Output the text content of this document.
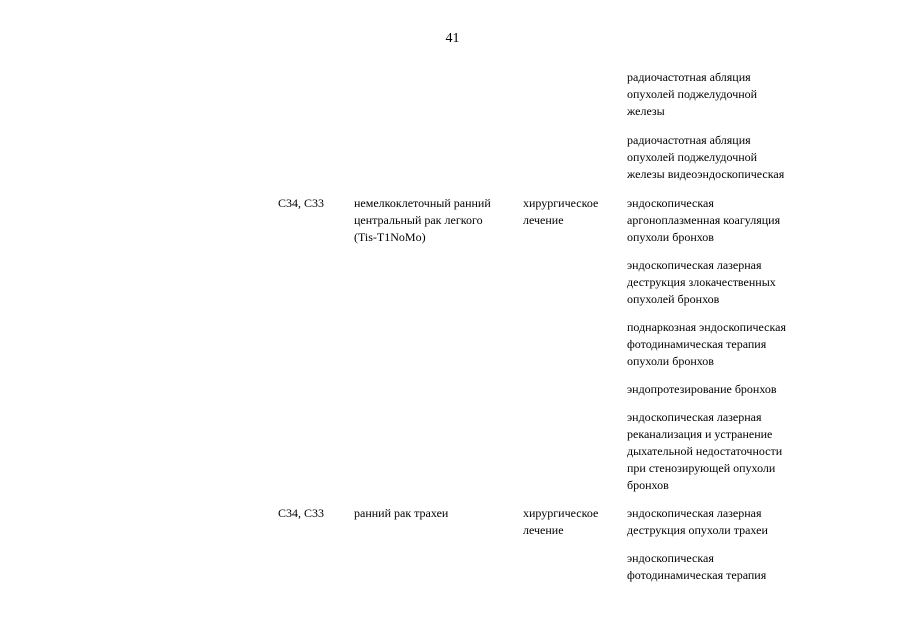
41
радиочастотная абляция
опухолей поджелудочной
железы
радиочастотная абляция
опухолей поджелудочной
железы видеоэндоскопическая
C34, C33 немелкоклеточный ранний
центральный рак легкого
(Tis-T1NoMo)
хирургическое
лечение
эндоскопическая
аргоноплазменная коагуляция
опухоли бронхов
эндоскопическая лазерная
деструкция злокачественных
опухолей бронхов
поднаркозная эндоскопическая
фотодинамическая терапия
опухоли бронхов
эндопротезирование бронхов
эндоскопическая лазерная
реканализация и устранение
дыхательной недостаточности
при стенозирующей опухоли
бронхов
C34, C33 ранний рак трахеи	хирургическое
лечение
эндоскопическая лазерная
деструкция опухоли трахеи
эндоскопическая
фотодинамическая терапия
